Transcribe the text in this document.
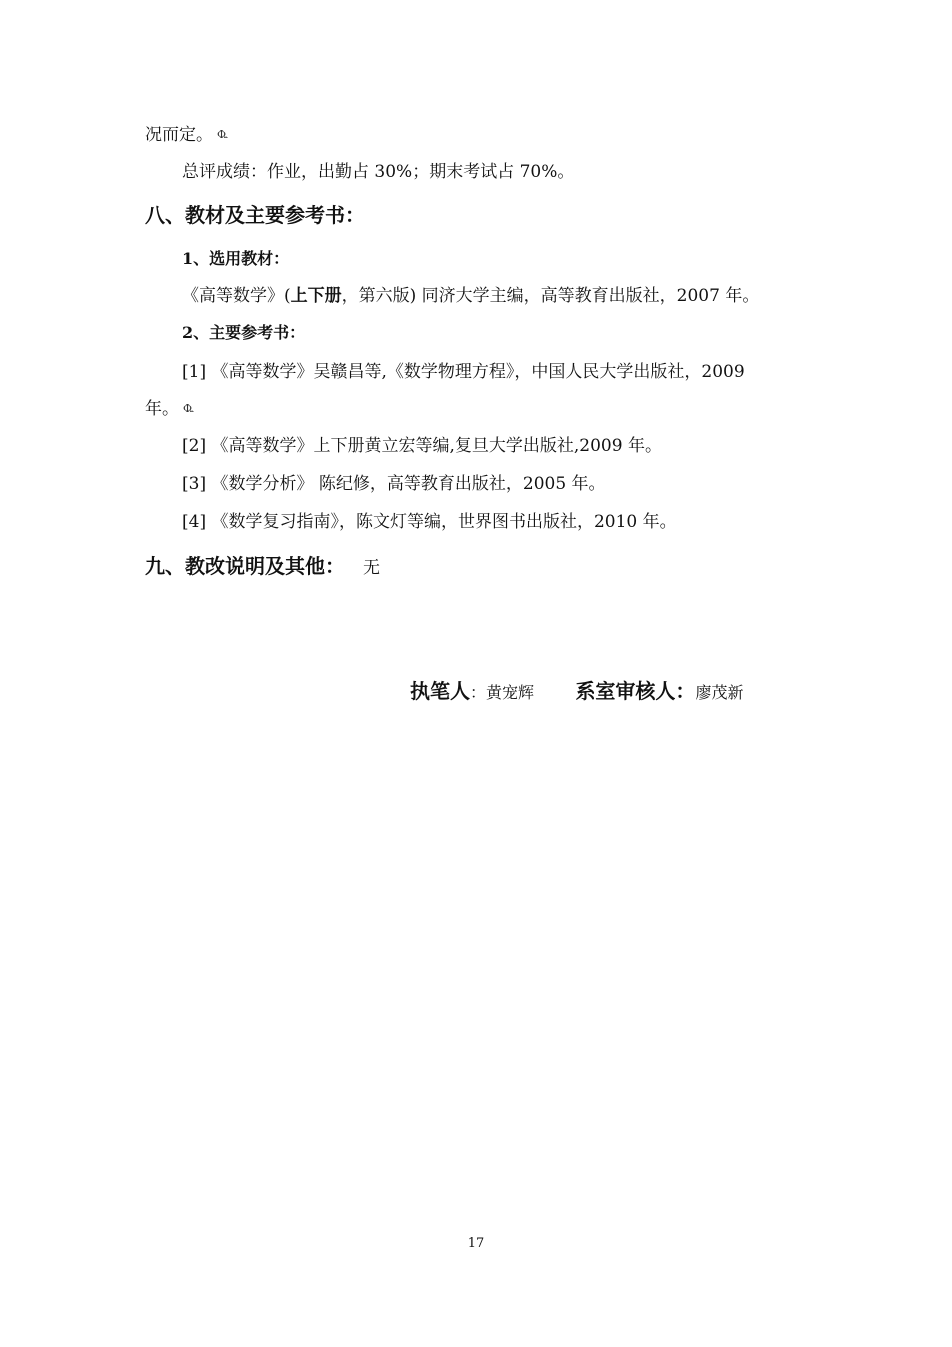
况而定。 $^{\Phi꜡}$
总评成绩：作业，出勤占 30%；期末考试占 70%。
八、教材及主要参考书：
1、选用教材：
《高等数学》(上下册，第六版) 同济大学主编，高等教育出版社，2007 年。
2、主要参考书：
[1] 《高等数学》吴赣昌等,《数学物理方程》，中国人民大学出版社，2009
年。 $^{\Phi꜡}$
[2] 《高等数学》上下册黄立宏等编,复旦大学出版社,2009 年。
[3] 《数学分析》 陈纪修，高等教育出版社，2005 年。
[4] 《数学复习指南》，陈文灯等编，世界图书出版社，2010 年。
九、教改说明及其他： 无
执笔人：黄宠辉 系室审核人：廖茂新
17
